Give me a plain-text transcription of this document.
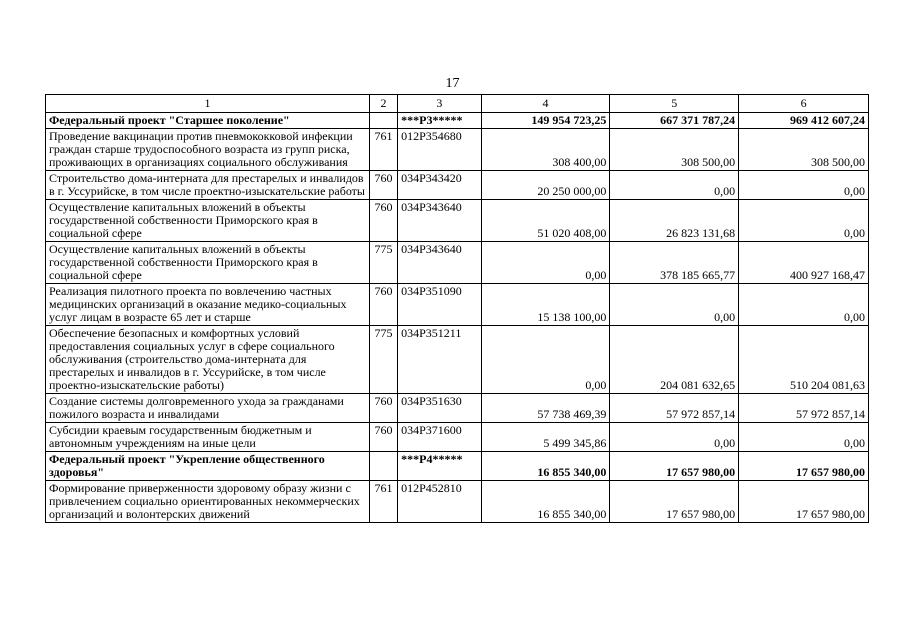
17
1	2	3	4	5	6
Федеральный проект "Старшее поколение"		***P3*****	149 954 723,25	667 371 787,24	969 412 607,24
Проведение вакцинации против пневмококковой инфекции граждан старше трудоспособного возраста из групп риска, проживающих в организациях социального обслуживания	761	012P354680	308 400,00	308 500,00	308 500,00
Строительство дома-интерната для престарелых и инвалидов в г. Уссурийске, в том числе проектно-изыскательские работы	760	034P343420	20 250 000,00	0,00	0,00
Осуществление капитальных вложений в объекты государственной собственности Приморского края в социальной сфере	760	034P343640	51 020 408,00	26 823 131,68	0,00
Осуществление капитальных вложений в объекты государственной собственности Приморского края в социальной сфере	775	034P343640	0,00	378 185 665,77	400 927 168,47
Реализация пилотного проекта по вовлечению частных медицинских организаций в оказание медико-социальных услуг лицам в возрасте 65 лет и старше	760	034P351090	15 138 100,00	0,00	0,00
Обеспечение безопасных и комфортных условий предоставления социальных услуг в сфере социального обслуживания (строительство дома-интерната для престарелых и инвалидов в г. Уссурийске, в том числе проектно-изыскательские работы)	775	034P351211	0,00	204 081 632,65	510 204 081,63
Создание системы долговременного ухода за гражданами пожилого возраста и инвалидами	760	034P351630	57 738 469,39	57 972 857,14	57 972 857,14
Субсидии краевым государственным бюджетным и автономным учреждениям на иные цели	760	034P371600	5 499 345,86	0,00	0,00
Федеральный проект "Укрепление общественного здоровья"		***P4*****	16 855 340,00	17 657 980,00	17 657 980,00
Формирование приверженности здоровому образу жизни с привлечением социально ориентированных некоммерческих организаций и волонтерских движений	761	012P452810	16 855 340,00	17 657 980,00	17 657 980,00
